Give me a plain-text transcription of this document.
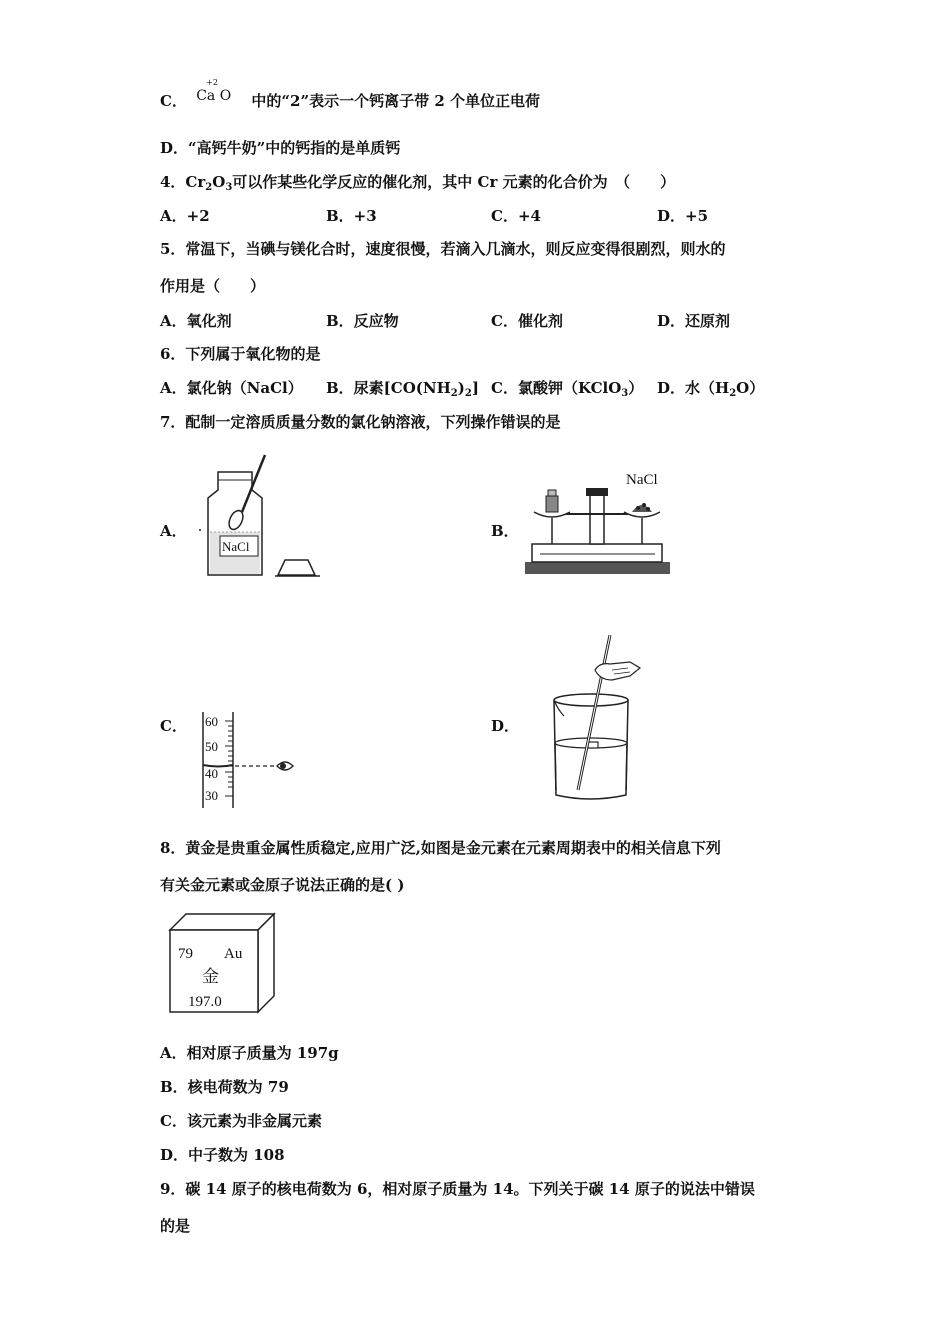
C．
+2
Ca O 中的“2”表示一个钙离子带 2 个单位正电荷
D．“高钙牛奶”中的钙指的是单质钙
4．$Cr_2O_3$可以作某些化学反应的催化剂，其中 Cr 元素的化合价为　（　　）
A．+2	B．+3	C．+4	D．+5
5．常温下，当碘与镁化合时，速度很慢，若滴入几滴水，则反应变得很剧烈，则水的
作用是（　　）
A．氧化剂	B．反应物	C．催化剂	D．还原剂
6．下列属于氧化物的是
A．氯化钠（NaCl） B．尿素$[CO(NH_2)_2]$ C．氯酸钾（KClO$_3$） D．水$(H_2O)$
7．配制一定溶质质量分数的氯化钠溶液，下列操作错误的是
A．	B．
C．	D．
NaCl
NaCl
60
50
40
30
8．黄金是贵重金属性质稳定,应用广泛,如图是金元素在元素周期表中的相关信息下列
有关金元素或金原子说法正确的是( )
79 Au
金
197.0
A．相对原子质量为 197g
B．核电荷数为 79
C．该元素为非金属元素
D．中子数为 108
9．碳 14 原子的核电荷数为 6，相对原子质量为 14。下列关于碳 14 原子的说法中错误
的是
